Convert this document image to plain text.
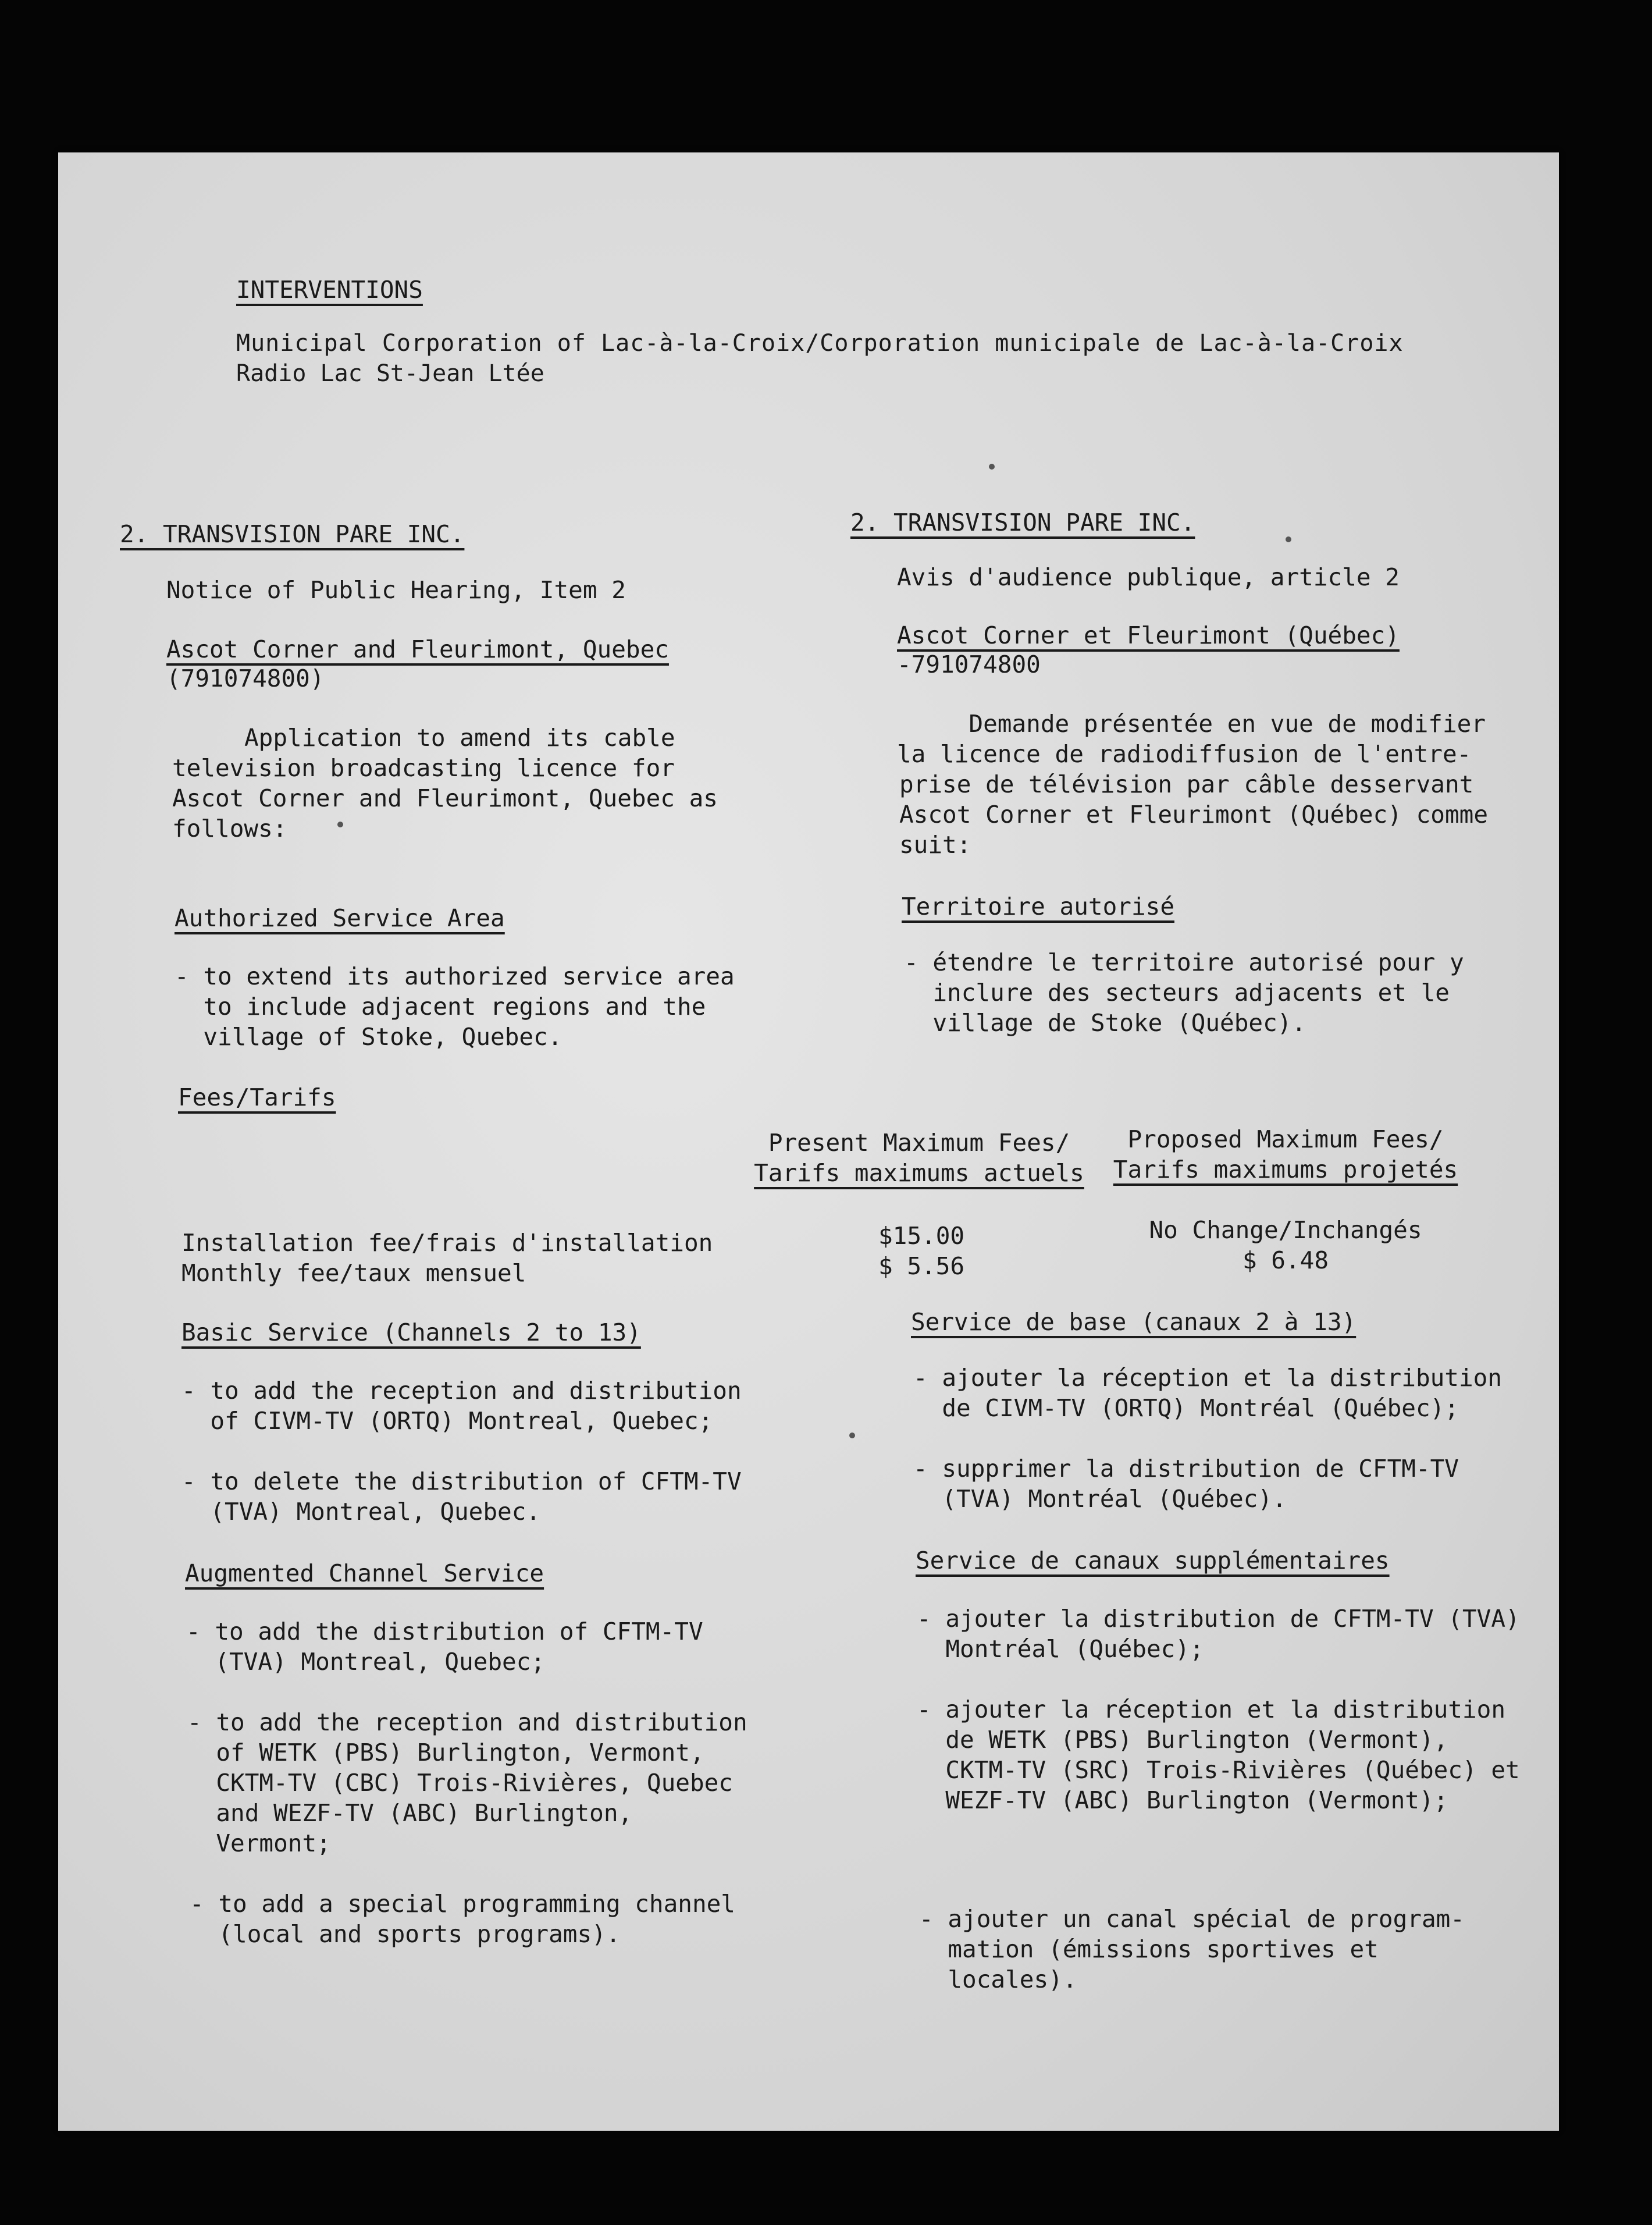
INTERVENTIONS

Municipal Corporation of Lac-à-la-Croix/Corporation municipale de Lac-à-la-Croix

Radio Lac St-Jean Ltée

2. TRANSVISION PARE INC.

Notice of Public Hearing, Item 2

Ascot Corner and Fleurimont, Quebec

(791074800)

Application to amend its cable

television broadcasting licence for

Ascot Corner and Fleurimont, Quebec as

follows:

Authorized Service Area

- to extend its authorized service area

to include adjacent regions and the

village of Stoke, Quebec.

Fees/Tarifs

Present Maximum Fees/

Tarifs maximums actuels

Proposed Maximum Fees/

Tarifs maximums projetés

Installation fee/frais d'installation	$15.00	No Change/Inchangés

Monthly fee/taux mensuel	$ 5.56	$ 6.48

Basic Service (Channels 2 to 13)

- to add the reception and distribution

of CIVM-TV (ORTQ) Montreal, Quebec;

- to delete the distribution of CFTM-TV

(TVA) Montreal, Quebec.

Augmented Channel Service

- to add the distribution of CFTM-TV

(TVA) Montreal, Quebec;

- to add the reception and distribution

of WETK (PBS) Burlington, Vermont,

CKTM-TV (CBC) Trois-Rivières, Quebec

and WEZF-TV (ABC) Burlington,

Vermont;

- to add a special programming channel

(local and sports programs).

2. TRANSVISION PARE INC.

Avis d'audience publique, article 2

Ascot Corner et Fleurimont (Québec)

-791074800

Demande présentée en vue de modifier

la licence de radiodiffusion de l'entre-

prise de télévision par câble desservant

Ascot Corner et Fleurimont (Québec) comme

suit:

Territoire autorisé

- étendre le territoire autorisé pour y

inclure des secteurs adjacents et le

village de Stoke (Québec).

Service de base (canaux 2 à 13)

- ajouter la réception et la distribution

de CIVM-TV (ORTQ) Montréal (Québec);

- supprimer la distribution de CFTM-TV

(TVA) Montréal (Québec).

Service de canaux supplémentaires

- ajouter la distribution de CFTM-TV (TVA)

Montréal (Québec);

- ajouter la réception et la distribution

de WETK (PBS) Burlington (Vermont),

CKTM-TV (SRC) Trois-Rivières (Québec) et

WEZF-TV (ABC) Burlington (Vermont);

- ajouter un canal spécial de program-

mation (émissions sportives et

locales).
